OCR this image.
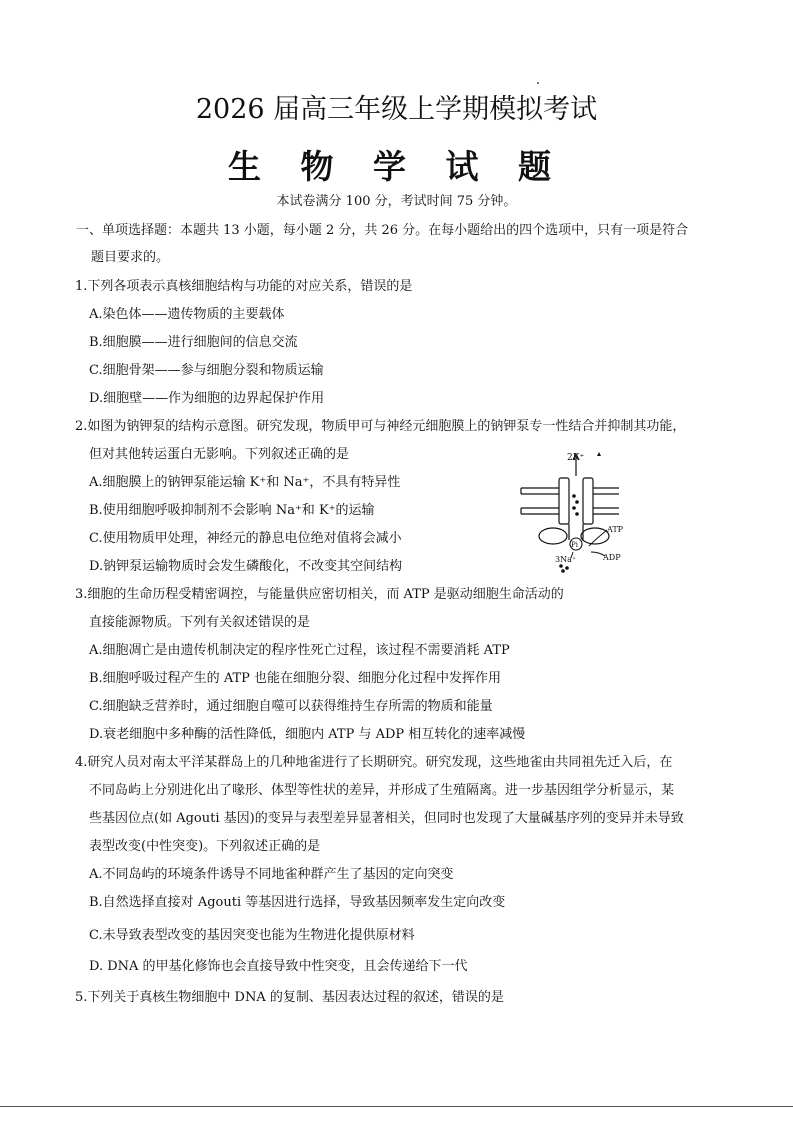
2026 届高三年级上学期模拟考试
生 物 学 试 题
本试卷满分 100 分，考试时间 75 分钟。
一、单项选择题：本题共 13 小题，每小题 2 分，共 26 分。在每小题给出的四个选项中，只有一项是符合
题目要求的。
1.下列各项表示真核细胞结构与功能的对应关系，错误的是
A.染色体——遗传物质的主要载体
B.细胞膜——进行细胞间的信息交流
C.细胞骨架——参与细胞分裂和物质运输
D.细胞壁——作为细胞的边界起保护作用
2.如图为钠钾泵的结构示意图。研究发现，物质甲可与神经元细胞膜上的钠钾泵专一性结合并抑制其功能，
但对其他转运蛋白无影响。下列叙述正确的是
A.细胞膜上的钠钾泵能运输 K⁺和 Na⁺，不具有特异性
B.使用细胞呼吸抑制剂不会影响 Na⁺和 K⁺的运输
C.使用物质甲处理，神经元的静息电位绝对值将会减小
D.钠钾泵运输物质时会发生磷酸化，不改变其空间结构
2K⁺
Pi
ATP
ADP
3Na⁺
3.细胞的生命历程受精密调控，与能量供应密切相关，而 ATP 是驱动细胞生命活动的
直接能源物质。下列有关叙述错误的是
A.细胞凋亡是由遗传机制决定的程序性死亡过程，该过程不需要消耗 ATP
B.细胞呼吸过程产生的 ATP 也能在细胞分裂、细胞分化过程中发挥作用
C.细胞缺乏营养时，通过细胞自噬可以获得维持生存所需的物质和能量
D.衰老细胞中多种酶的活性降低，细胞内 ATP 与 ADP 相互转化的速率减慢
4.研究人员对南太平洋某群岛上的几种地雀进行了长期研究。研究发现，这些地雀由共同祖先迁入后，在
不同岛屿上分别进化出了喙形、体型等性状的差异，并形成了生殖隔离。进一步基因组学分析显示，某
些基因位点(如 Agouti 基因)的变异与表型差异显著相关，但同时也发现了大量碱基序列的变异并未导致
表型改变(中性突变)。下列叙述正确的是
A.不同岛屿的环境条件诱导不同地雀种群产生了基因的定向突变
B.自然选择直接对 Agouti 等基因进行选择，导致基因频率发生定向改变
C.未导致表型改变的基因突变也能为生物进化提供原材料
D. DNA 的甲基化修饰也会直接导致中性突变，且会传递给下一代
5.下列关于真核生物细胞中 DNA 的复制、基因表达过程的叙述，错误的是
